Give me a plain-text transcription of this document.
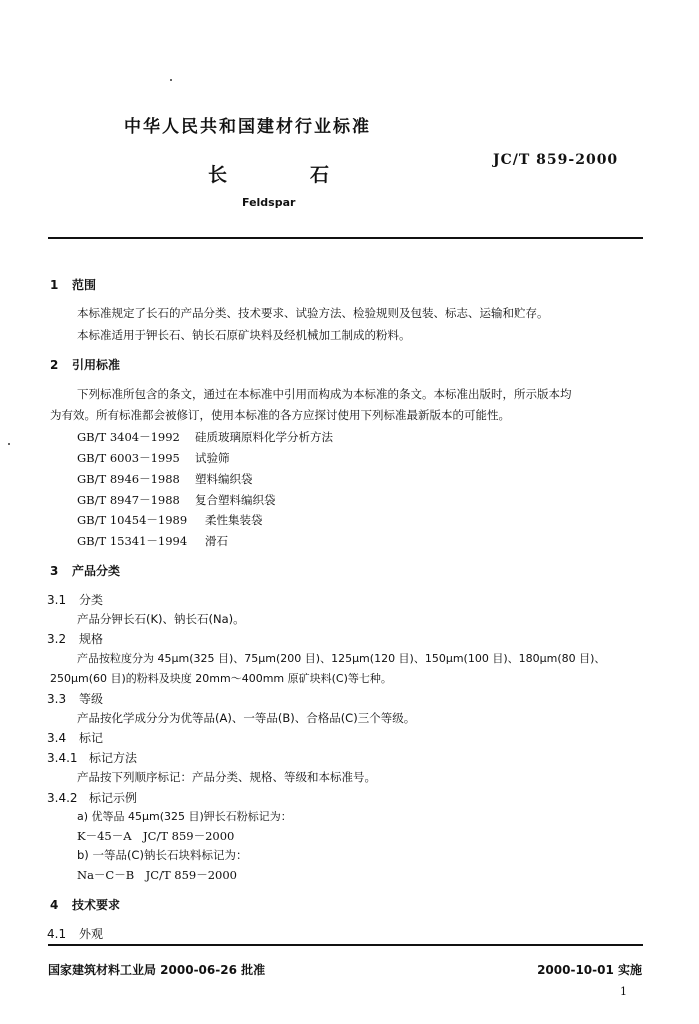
中华人民共和国建材行业标准
JC/T 859-2000
长	石
Feldspar
1 范围
本标准规定了长石的产品分类、技术要求、试验方法、检验规则及包装、标志、运输和贮存。
本标准适用于钾长石、钠长石原矿块料及经机械加工制成的粉料。
2 引用标准
下列标准所包含的条文，通过在本标准中引用而构成为本标准的条文。本标准出版时，所示版本均
为有效。所有标准都会被修订，使用本标准的各方应探讨使用下列标准最新版本的可能性。
GB/T 3404－1992 硅质玻璃原料化学分析方法
GB/T 6003－1995 试验筛
GB/T 8946－1988 塑料编织袋
GB/T 8947－1988 复合塑料编织袋
GB/T 10454－1989 柔性集装袋
GB/T 15341－1994 滑石
3 产品分类
3.1 分类
产品分钾长石(K)、钠长石(Na)。
3.2 规格
产品按粒度分为 45μm(325 目)、75μm(200 目)、125μm(120 目)、150μm(100 目)、180μm(80 目)、
250μm(60 目)的粉料及块度 20mm～400mm 原矿块料(C)等七种。
3.3 等级
产品按化学成分分为优等品(A)、一等品(B)、合格品(C)三个等级。
3.4 标记
3.4.1 标记方法
产品按下列顺序标记：产品分类、规格、等级和本标准号。
3.4.2 标记示例
a) 优等品 45μm(325 目)钾长石粉标记为：
K－45－A　JC/T 859－2000
b) 一等品(C)钠长石块料标记为：
Na－C－B　JC/T 859－2000
4 技术要求
4.1 外观
国家建筑材料工业局 2000-06-26 批准	2000-10-01 实施
1
